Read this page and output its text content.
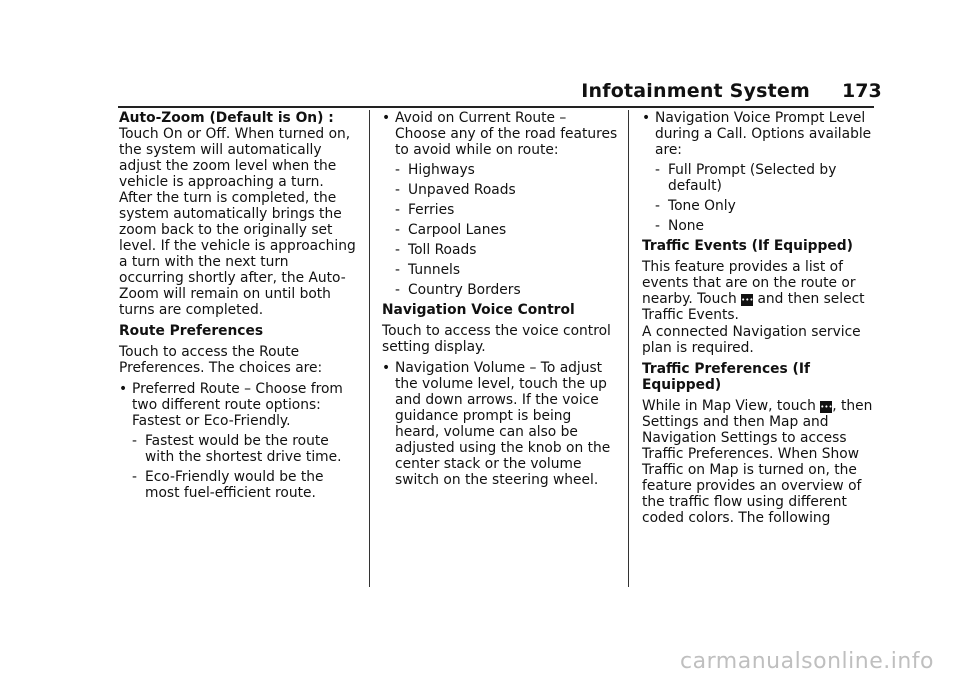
Infotainment System 173
Auto-Zoom (Default is On) :

Touch On or Off. When turned on, the system will automatically adjust the zoom level when the vehicle is approaching a turn. After the turn is completed, the system automatically brings the zoom back to the originally set level. If the vehicle is approaching a turn with the next turn occurring shortly after, the Auto-Zoom will remain on until both turns are completed.

Route Preferences

Touch to access the Route Preferences. The choices are:

• Preferred Route – Choose from two different route options: Fastest or Eco-Friendly.
- Fastest would be the route with the shortest drive time.
- Eco-Friendly would be the most fuel-efficient route.
• Avoid on Current Route – Choose any of the road features to avoid while on route:
- Highways
- Unpaved Roads
- Ferries
- Carpool Lanes
- Toll Roads
- Tunnels
- Country Borders

Navigation Voice Control

Touch to access the voice control setting display.

• Navigation Volume – To adjust the volume level, touch the up and down arrows. If the voice guidance prompt is being heard, volume can also be adjusted using the knob on the center stack or the volume switch on the steering wheel.
• Navigation Voice Prompt Level during a Call. Options available are:
- Full Prompt (Selected by default)
- Tone Only
- None

Traffic Events (If Equipped)

This feature provides a list of events that are on the route or nearby. Touch ••• and then select Traffic Events.

A connected Navigation service plan is required.

Traffic Preferences (If Equipped)

While in Map View, touch •••, then Settings and then Map and Navigation Settings to access Traffic Preferences. When Show Traffic on Map is turned on, the feature provides an overview of the traffic flow using different coded colors. The following
carmanualsonline.info
